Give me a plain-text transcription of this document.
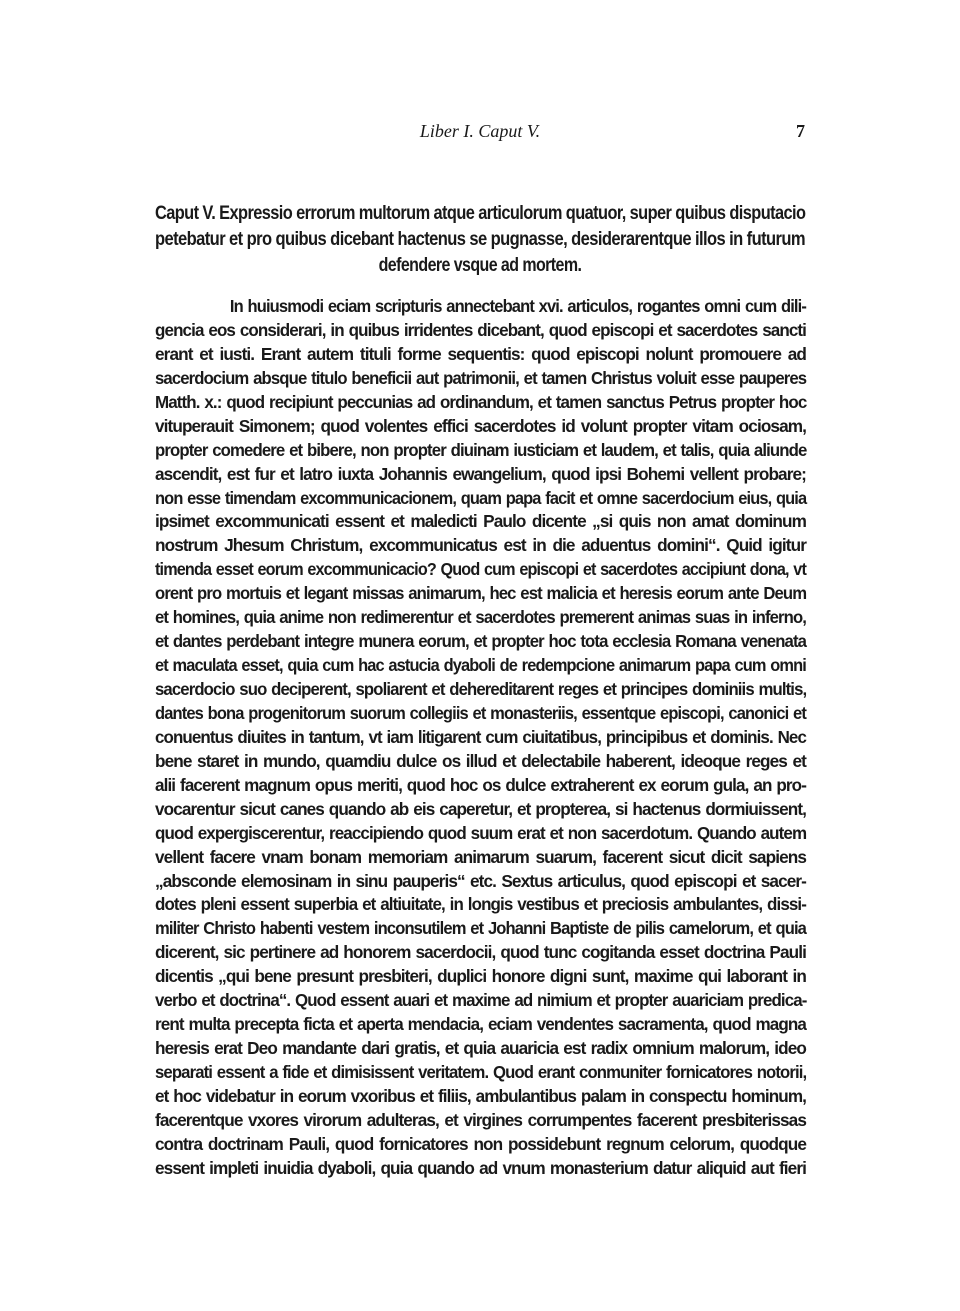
Liber I. Caput V.	7
Caput V. Expressio errorum multorum atque articulorum quatuor, super quibus disputacio
petebatur et pro quibus dicebant hactenus se pugnasse, desiderarentque illos in futurum
defendere vsque ad mortem.
In huiusmodi eciam scripturis annectebant xvi. articulos, rogantes omni cum dili-
gencia eos considerari, in quibus irridentes dicebant, quod episcopi et sacerdotes sancti
erant et iusti. Erant autem tituli forme sequentis: quod episcopi nolunt promouere ad
sacerdocium absque titulo beneficii aut patrimonii, et tamen Christus voluit esse pauperes
Matth. x.: quod recipiunt peccunias ad ordinandum, et tamen sanctus Petrus propter hoc
vituperauit Simonem; quod volentes effici sacerdotes id volunt propter vitam ociosam,
propter comedere et bibere, non propter diuinam iusticiam et laudem, et talis, quia aliunde
ascendit, est fur et latro iuxta Johannis ewangelium, quod ipsi Bohemi vellent probare;
non esse timendam excommunicacionem, quam papa facit et omne sacerdocium eius, quia
ipsimet excommunicati essent et maledicti Paulo dicente „si quis non amat dominum
nostrum Jhesum Christum, excommunicatus est in die aduentus domini“. Quid igitur
timenda esset eorum excommunicacio? Quod cum episcopi et sacerdotes accipiunt dona, vt
orent pro mortuis et legant missas animarum, hec est malicia et heresis eorum ante Deum
et homines, quia anime non redimerentur et sacerdotes premerent animas suas in inferno,
et dantes perdebant integre munera eorum, et propter hoc tota ecclesia Romana venenata
et maculata esset, quia cum hac astucia dyaboli de redempcione animarum papa cum omni
sacerdocio suo deciperent, spoliarent et dehereditarent reges et principes dominiis multis,
dantes bona progenitorum suorum collegiis et monasteriis, essentque episcopi, canonici et
conuentus diuites in tantum, vt iam litigarent cum ciuitatibus, principibus et dominis. Nec
bene staret in mundo, quamdiu dulce os illud et delectabile haberent, ideoque reges et
alii facerent magnum opus meriti, quod hoc os dulce extraherent ex eorum gula, an pro-
vocarentur sicut canes quando ab eis caperetur, et propterea, si hactenus dormiuissent,
quod expergiscerentur, reaccipiendo quod suum erat et non sacerdotum. Quando autem
vellent facere vnam bonam memoriam animarum suarum, facerent sicut dicit sapiens
„absconde elemosinam in sinu pauperis“ etc. Sextus articulus, quod episcopi et sacer-
dotes pleni essent superbia et altiuitate, in longis vestibus et preciosis ambulantes, dissi-
militer Christo habenti vestem inconsutilem et Johanni Baptiste de pilis camelorum, et quia
dicerent, sic pertinere ad honorem sacerdocii, quod tunc cogitanda esset doctrina Pauli
dicentis „qui bene presunt presbiteri, duplici honore digni sunt, maxime qui laborant in
verbo et doctrina“. Quod essent auari et maxime ad nimium et propter auariciam predica-
rent multa precepta ficta et aperta mendacia, eciam vendentes sacramenta, quod magna
heresis erat Deo mandante dari gratis, et quia auaricia est radix omnium malorum, ideo
separati essent a fide et dimisissent veritatem. Quod erant conmuniter fornicatores notorii,
et hoc videbatur in eorum vxoribus et filiis, ambulantibus palam in conspectu hominum,
facerentque vxores virorum adulteras, et virgines corrumpentes facerent presbiterissas
contra doctrinam Pauli, quod fornicatores non possidebunt regnum celorum, quodque
essent impleti inuidia dyaboli, quia quando ad vnum monasterium datur aliquid aut fieri
